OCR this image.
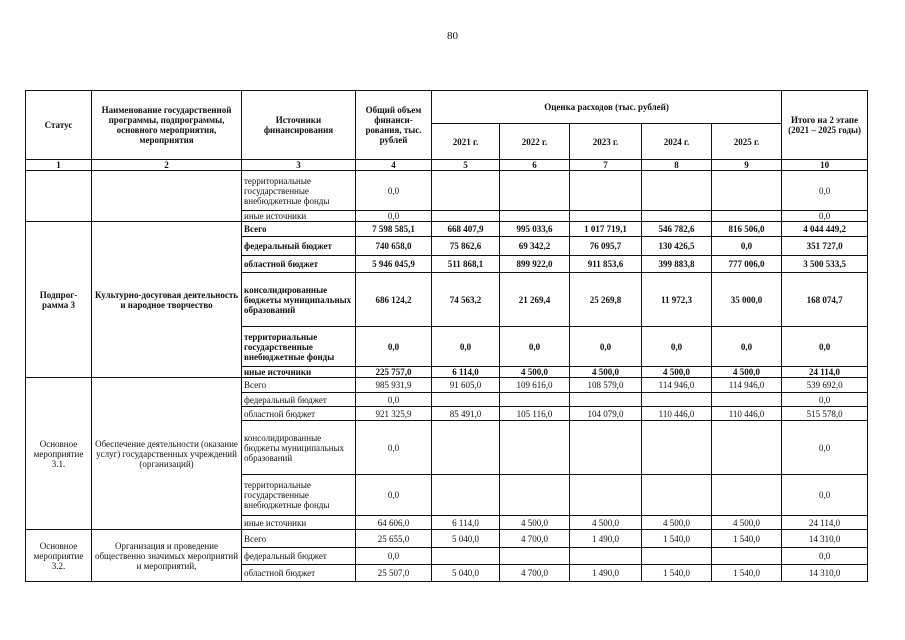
80
Статус	Наименование государственной программы, подпрограммы, основного мероприятия, мероприятия	Источники финансирования	Общий объем финанси-рования, тыс. рублей	Оценка расходов (тыс. рублей)					Итого на 2 этапе (2021 – 2025 годы)
				2021 г.	2022 г.	2023 г.	2024 г.	2025 г.	
1	2	3	4	5	6	7	8	9	10
		территориальные государственные внебюджетные фонды	0,0						0,0
		иные источники	0,0						0,0
Подпрог-рамма 3	Культурно-досуговая деятельность и народное творчество	Всего	7 598 585,1	668 407,9	995 033,6	1 017 719,1	546 782,6	816 506,0	4 044 449,2
		федеральный бюджет	740 658,0	75 862,6	69 342,2	76 095,7	130 426,5	0,0	351 727,0
		областной бюджет	5 946 045,9	511 868,1	899 922,0	911 853,6	399 883,8	777 006,0	3 500 533,5
		консолидированные бюджеты муниципальных образований	686 124,2	74 563,2	21 269,4	25 269,8	11 972,3	35 000,0	168 074,7
		территориальные государственные внебюджетные фонды	0,0	0,0	0,0	0,0	0,0	0,0	0,0
		иные источники	225 757,0	6 114,0	4 500,0	4 500,0	4 500,0	4 500,0	24 114,0
Основное мероприятие 3.1.	Обеспечение деятельности (оказание услуг) государственных учреждений (организаций)	Всего	985 931,9	91 605,0	109 616,0	108 579,0	114 946,0	114 946,0	539 692,0
		федеральный бюджет	0,0						0,0
		областной бюджет	921 325,9	85 491,0	105 116,0	104 079,0	110 446,0	110 446,0	515 578,0
		консолидированные бюджеты муниципальных образований	0,0						0,0
		территориальные государственные внебюджетные фонды	0,0						0,0
		иные источники	64 606,0	6 114,0	4 500,0	4 500,0	4 500,0	4 500,0	24 114,0
Основное мероприятие 3.2.	Организация и проведение общественно значимых мероприятий и мероприятий,	Всего	25 655,0	5 040,0	4 700,0	1 490,0	1 540,0	1 540,0	14 310,0
		федеральный бюджет	0,0						0,0
		областной бюджет	25 507,0	5 040,0	4 700,0	1 490,0	1 540,0	1 540,0	14 310,0
